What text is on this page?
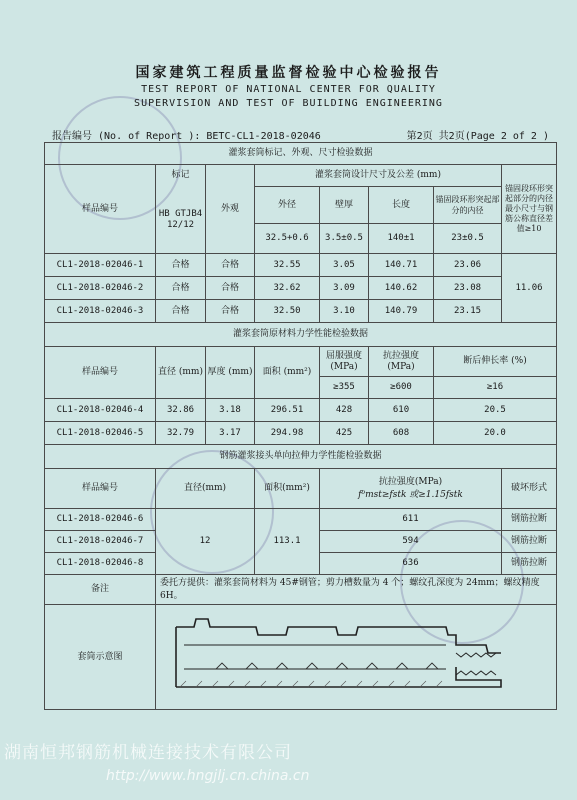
国家建筑工程质量监督检验中心检验报告
TEST REPORT OF NATIONAL CENTER FOR QUALITY
SUPERVISION AND TEST OF BUILDING ENGINEERING
报告编号 (No. of Report ): BETC-CL1-2018-02046	第2页 共2页(Page 2 of 2 )
灌浆套筒标记、外观、尺寸检验数据							
样品编号	标记	外观	灌浆套筒设计尺寸及公差 (mm)				锚固段环形突起部分的内径最小尺寸与钢筋公称直径差值≥10
	HB GTJB4 12/12		外径	壁厚	长度	锚固段环形突起部分的内径	
			32.5+0.6	3.5±0.5	140±1	23±0.5	
CL1-2018-02046-1	合格	合格	32.55	3.05	140.71	23.06	11.06
CL1-2018-02046-2	合格	合格	32.62	3.09	140.62	23.08	
CL1-2018-02046-3	合格	合格	32.50	3.10	140.79	23.15	
灌浆套筒原材料力学性能检验数据							
样品编号	直径 (mm)	厚度 (mm)	面积 (mm²)	屈服强度 (MPa)	抗拉强度 (MPa)	断后伸长率 (%)	
				≥355	≥600	≥16	
CL1-2018-02046-4	32.86	3.18	296.51	428	610	20.5	
CL1-2018-02046-5	32.79	3.17	294.98	425	608	20.0	
钢筋灌浆接头单向拉伸力学性能检验数据							
样品编号	直径(mm)		面积(mm²)	抗拉强度(MPa)
f⁰mst≥fstk 或≥1.15fstk			破坏形式
CL1-2018-02046-6	12		113.1	611			钢筋拉断
CL1-2018-02046-7				594			钢筋拉断
CL1-2018-02046-8				636			钢筋拉断
备注	委托方提供：灌浆套筒材料为 45#钢管；剪力槽数量为 4 个；螺纹孔深度为 24mm；螺纹精度 6H。						
套筒示意图	
湖南恒邦钢筋机械连接技术有限公司
http://www.hngjlj.cn.china.cn
